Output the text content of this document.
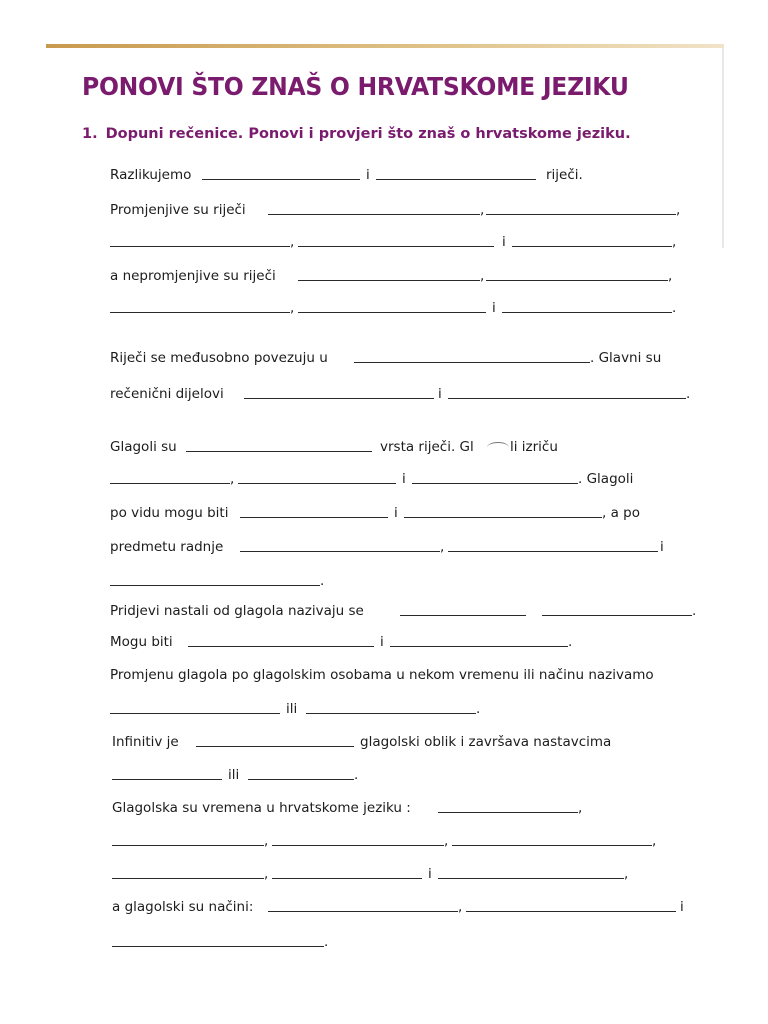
PONOVI ŠTO ZNAŠ O HRVATSKOME JEZIKU
1. Dopuni rečenice. Ponovi i provjeri što znaš o hrvatskome jeziku.
Razlikujemo	i	riječi.
Promjenjive su riječi	,	,
,	i	,
a nepromjenjive su riječi	,	,
,	i	.
Riječi se međusobno povezuju u	. Glavni su
rečenični dijelovi	i	.
Glagoli su	vrsta riječi. Gl	li izriču
,	i	. Glagoli
po vidu mogu biti	i	, a po
predmetu radnje	,	i
.
Pridjevi nastali od glagola nazivaju se	.
Mogu biti	i	.
Promjenu glagola po glagolskim osobama u nekom vremenu ili načinu nazivamo
ili	.
Infinitiv je	glagolski oblik i završava nastavcima
ili	.
Glagolska su vremena u hrvatskome jeziku :	,
,	,	,
,	i	,
a glagolski su načini:	,	i
.
